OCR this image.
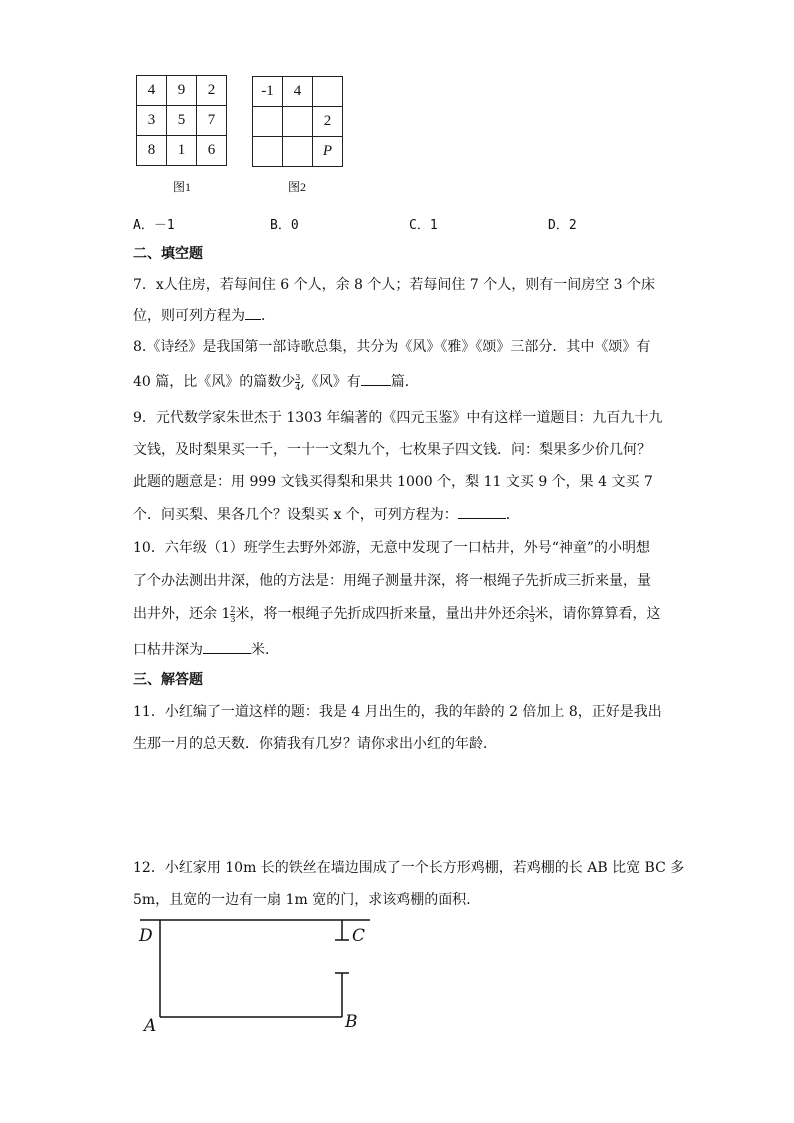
4	9	2
3	5	7
8	1	6
图1
-1	4	
		2
		P
图2
A．－1	B．0	C．1	D．2
二、填空题
7．x人住房，若每间住 6 个人，余 8 个人；若每间住 7 个人，则有一间房空 3 个床
位，则可列方程为 ．
8.《诗经》是我国第一部诗歌总集，共分为《风》《雅》《颂》三部分．其中《颂》有
40 篇，比《风》的篇数少 $\frac{3}{4}$ ,《风》有 篇．
9．元代数学家朱世杰于 1303 年编著的《四元玉鉴》中有这样一道题目：九百九十九
文钱，及时梨果买一千，一十一文梨九个，七枚果子四文钱．问：梨果多少价几何？
此题的题意是：用 999 文钱买得梨和果共 1000 个，梨 11 文买 9 个，果 4 文买 7
个．问买梨、果各几个？设梨买 x 个，可列方程为：	．
10．六年级（1）班学生去野外郊游，无意中发现了一口枯井，外号“神童”的小明想
了个办法测出井深，他的方法是：用绳子测量井深，将一根绳子先折成三折来量，量
出井外，还余 $1 \frac{2}{3}$ 米，将一根绳子先折成四折来量，量出井外还余 $\frac{1}{3}$ 米，请你算算看，这
口枯井深为	米．
三、解答题
11．小红编了一道这样的题：我是 4 月出生的，我的年龄的 2 倍加上 8，正好是我出
生那一月的总天数．你猜我有几岁？请你求出小红的年龄．
12．小红家用 10m 长的铁丝在墙边围成了一个长方形鸡棚，若鸡棚的长 AB 比宽 BC 多
5m，且宽的一边有一扇 1m 宽的门，求该鸡棚的面积．
D	C
A	B
